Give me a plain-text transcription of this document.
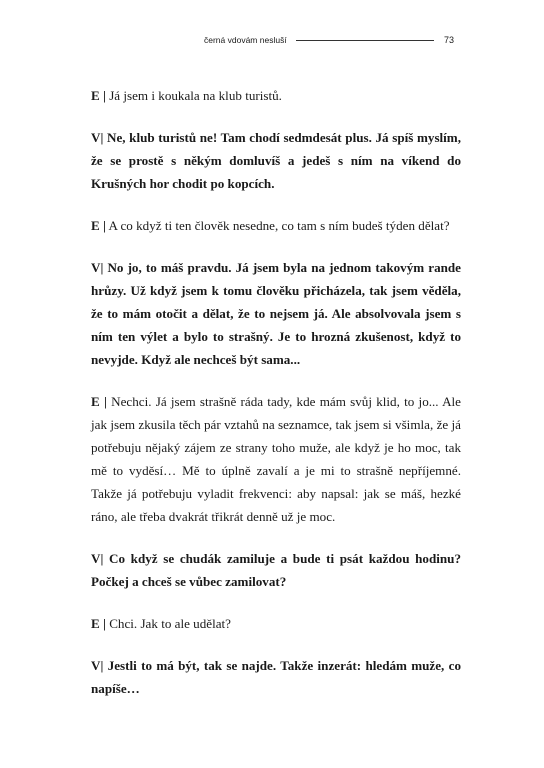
černá vdovám nesluší	73

E | Já jsem i koukala na klub turistů.

V| Ne, klub turistů ne! Tam chodí sedmdesát plus. Já spíš myslím, že se prostě s někým domluvíš a jedeš s ním na víkend do Krušných hor chodit po kopcích.

E | A co když ti ten člověk nesedne, co tam s ním budeš týden dělat?

V| No jo, to máš pravdu. Já jsem byla na jednom takovým rande hrůzy. Už když jsem k tomu člověku přicházela, tak jsem věděla, že to mám otočit a dělat, že to nejsem já. Ale absolvovala jsem s ním ten výlet a bylo to strašný. Je to hrozná zkušenost, když to nevyjde. Když ale nechceš být sama...

E | Nechci. Já jsem strašně ráda tady, kde mám svůj klid, to jo... Ale jak jsem zkusila těch pár vztahů na seznamce, tak jsem si všimla, že já potřebuju nějaký zájem ze strany toho muže, ale když je ho moc, tak mě to vyděsí… Mě to úplně zavalí a je mi to strašně nepříjemné. Takže já potřebuju vyladit frekvenci: aby napsal: jak se máš, hezké ráno, ale třeba dvakrát třikrát denně už je moc.

V| Co když se chudák zamiluje a bude ti psát každou hodinu? Počkej a chceš se vůbec zamilovat?

E | Chci. Jak to ale udělat?

V| Jestli to má být, tak se najde. Takže inzerát: hledám muže, co napíše…
